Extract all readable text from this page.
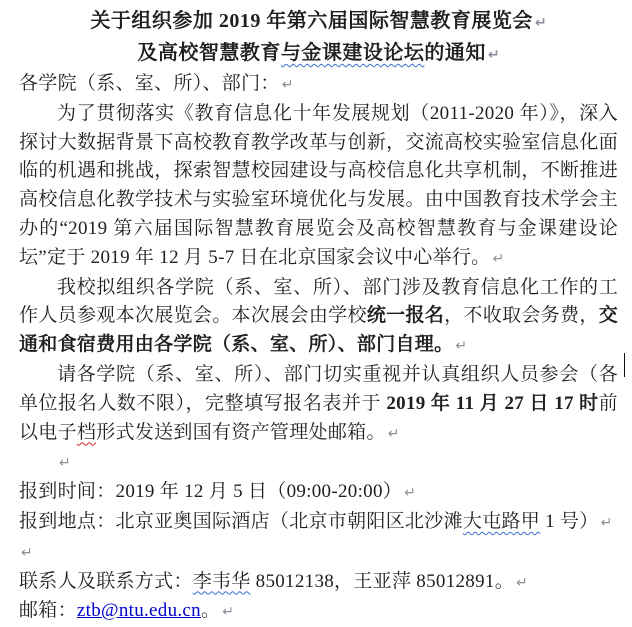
关于组织参加 2019 年第六届国际智慧教育展览会 ↵
及高校智慧教育与金课建设论坛的通知 ↵

各学院（系、室、所）、部门： ↵

为了贯彻落实《教育信息化十年发展规划（2011-2020 年）》，深入探讨大数据背景下高校教育教学改革与创新，交流高校实验室信息化面临的机遇和挑战，探索智慧校园建设与高校信息化共享机制，不断推进高校信息化教学技术与实验室环境优化与发展。由中国教育技术学会主办的“2019 第六届国际智慧教育展览会及高校智慧教育与金课建设论坛”定于 2019 年 12 月 5-7 日在北京国家会议中心举行。 ↵

我校拟组织各学院（系、室、所）、部门涉及教育信息化工作的工作人员参观本次展览会。本次展会由学校统一报名，不收取会务费，交通和食宿费用由各学院（系、室、所）、部门自理。 ↵

请各学院（系、室、所）、部门切实重视并认真组织人员参会（各单位报名人数不限），完整填写报名表并于 2019 年 11 月 27 日 17 时前以电子档形式发送到国有资产管理处邮箱。 ↵

↵

报到时间：2019 年 12 月 5 日（09:00-20:00） ↵

报到地点：北京亚奥国际酒店（北京市朝阳区北沙滩大屯路甲 1 号） ↵

↵

联系人及联系方式：李韦华 85012138，王亚萍 85012891。 ↵

邮箱：ztb@ntu.edu.cn。 ↵
